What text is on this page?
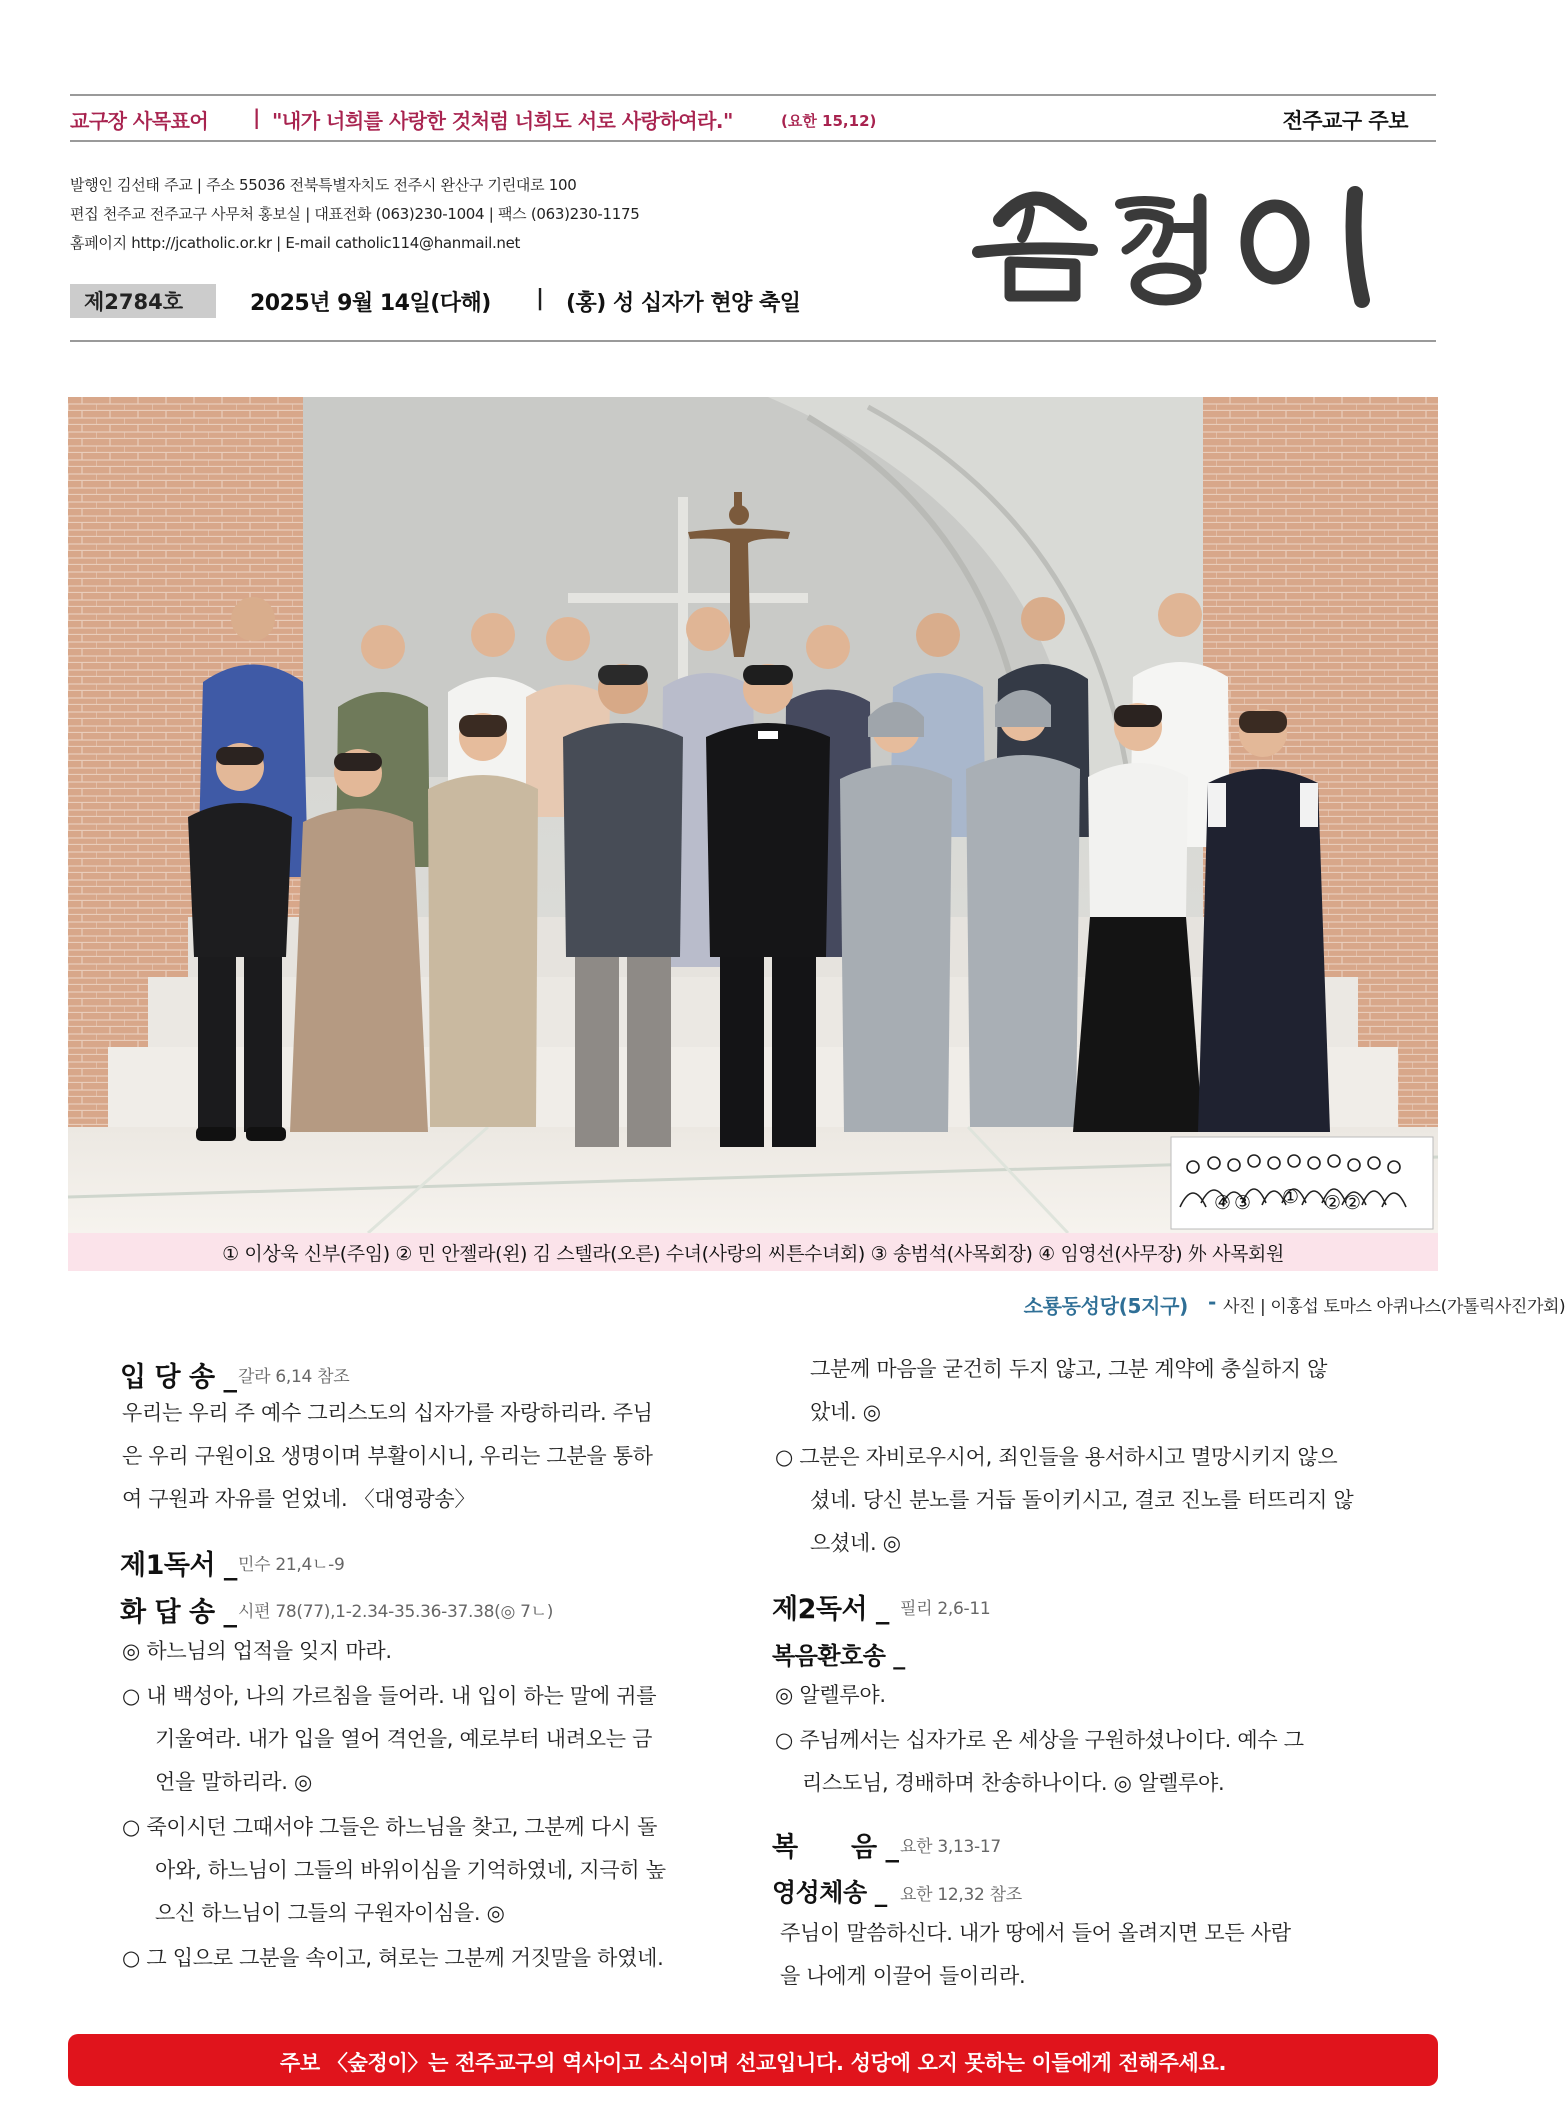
교구장 사목표어 | "내가 너희를 사랑한 것처럼 너희도 서로 사랑하여라."	(요한 15,12)	전주교구 주보
발행인 김선태 주교 | 주소 55036 전북특별자치도 전주시 완산구 기린대로 100
편집 천주교 전주교구 사무처 홍보실 | 대표전화 (063)230-1004 | 팩스 (063)230-1175
홈페이지 http://jcatholic.or.kr | E-mail catholic114@hanmail.net
제2784호	2025년 9월 14일(다해) | (홍) 성 십자가 현양 축일
④ ③ ① ② ②
① 이상욱 신부(주임) ② 민 안젤라(왼) 김 스텔라(오른) 수녀(사랑의 씨튼수녀회) ③ 송범석(사목회장) ④ 임영선(사무장) 外 사목회원
소룡동성당(5지구) - 사진 | 이홍섭 토마스 아퀴나스(가톨릭사진가회)
입 당 송 _ 갈라 6,14 참조
우리는 우리 주 예수 그리스도의 십자가를 자랑하리라. 주님
은 우리 구원이요 생명이며 부활이시니, 우리는 그분을 통하
여 구원과 자유를 얻었네. 〈대영광송〉
제1독서 _ 민수 21,4ㄴ-9
화 답 송 _ 시편 78(77),1-2.34-35.36-37.38(◎ 7ㄴ)
◎ 하느님의 업적을 잊지 마라.
○ 내 백성아, 나의 가르침을 들어라. 내 입이 하는 말에 귀를
기울여라. 내가 입을 열어 격언을, 예로부터 내려오는 금
언을 말하리라. ◎
○ 죽이시던 그때서야 그들은 하느님을 찾고, 그분께 다시 돌
아와, 하느님이 그들의 바위이심을 기억하였네, 지극히 높
으신 하느님이 그들의 구원자이심을. ◎
○ 그 입으로 그분을 속이고, 혀로는 그분께 거짓말을 하였네.
그분께 마음을 굳건히 두지 않고, 그분 계약에 충실하지 않
았네. ◎
○ 그분은 자비로우시어, 죄인들을 용서하시고 멸망시키지 않으
셨네. 당신 분노를 거듭 돌이키시고, 결코 진노를 터뜨리지 않
으셨네. ◎
제2독서 _ 필리 2,6-11
복음환호송 _
◎ 알렐루야.
○ 주님께서는 십자가로 온 세상을 구원하셨나이다. 예수 그
리스도님, 경배하며 찬송하나이다. ◎ 알렐루야.
복      음 _ 요한 3,13-17
영성체송 _ 요한 12,32 참조
주님이 말씀하신다. 내가 땅에서 들어 올려지면 모든 사람
을 나에게 이끌어 들이리라.
주보 〈숲정이〉는 전주교구의 역사이고 소식이며 선교입니다. 성당에 오지 못하는 이들에게 전해주세요.
